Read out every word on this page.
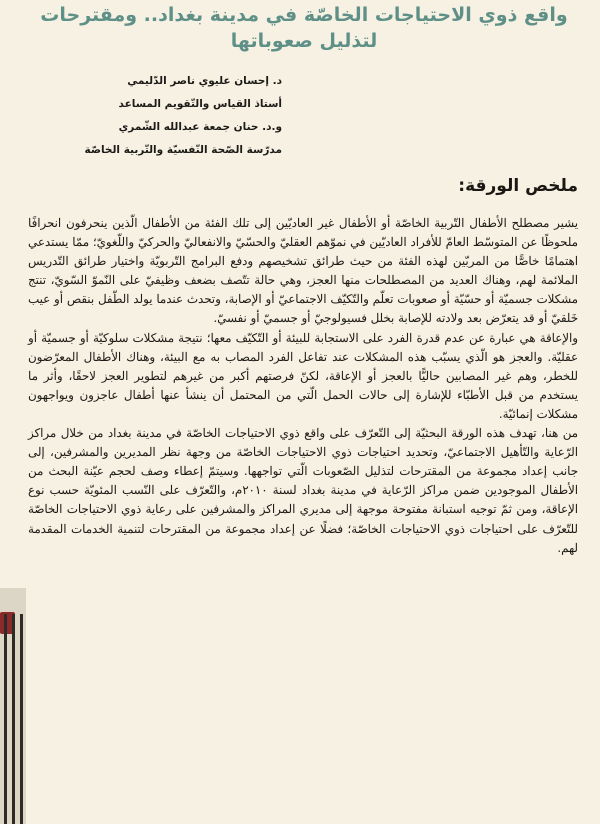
واقع ذوي الاحتياجات الخاصّة في مدينة بغداد.. ومقترحات لتذليل صعوباتها
د. إحسان عليوي ناصر الدّليمي
أستاذ القياس والتّقويم المساعد
و.د. حنان جمعة عبدالله الشّمري
مدرّسة الصّحة النّفسيّة والتّربية الخاصّة
ملخص الورقة:

يشير مصطلح الأطفال التّربية الخاصّة أو الأطفال غير العاديّين إلى تلك الفئة من الأطفال الّذين ينحرفون انحرافًا ملحوظًا عن المتوسّط العامّ للأفراد العاديّين في نموّهم العقليّ والحسّيّ والانفعاليّ والحركيّ واللّغويّ؛ ممّا يستدعي اهتمامًا خاصًّا من المربّين لهذه الفئة من حيث طرائق تشخيصهم ودفع البرامج التّربويّة واختيار طرائق التّدريس الملائمة لهم، وهناك العديد من المصطلحات منها العجز، وهي حالة تتّصف بضعف وظيفيّ على النّموّ السّويّ، تنتج مشكلات جسميّة أو حسّيّة أو صعوبات تعلّم والتّكيّف الاجتماعيّ أو الإصابة، وتحدث عندما يولد الطّفل بنقص أو عيب خَلقيّ أو قد يتعرّض بعد ولادته للإصابة بخلل فسيولوجيّ أو جسميّ أو نفسيّ.

والإعاقة هي عبارة عن عدم قدرة الفرد على الاستجابة للبيئة أو التّكيّف معها؛ نتيجة مشكلات سلوكيّة أو جسميّة أو عقليّة. والعجز هو الّذي يسبّب هذه المشكلات عند تفاعل الفرد المصاب به مع البيئة، وهناك الأطفال المعرّضون للخطر، وهم غير المصابين حاليًّا بالعجز أو الإعاقة، لكنّ فرصتهم أكبر من غيرهم لتطوير العجز لاحقًا، وأثر ما يستخدم من قبل الأطبّاء للإشارة إلى حالات الحمل الّتي من المحتمل أن ينشأ عنها أطفال عاجزون ويواجهون مشكلات إنمائيّة.

من هنا، تهدف هذه الورقة البحثيّة إلى التّعرّف على واقع ذوي الاحتياجات الخاصّة في مدينة بغداد من خلال مراكز الرّعاية والتّأهيل الاجتماعيّ، وتحديد احتياجات ذوي الاحتياجات الخاصّة من وجهة نظر المديرين والمشرفين، إلى جانب إعداد مجموعة من المقترحات لتذليل الصّعوبات الّتي تواجهها. وسيتمّ إعطاء وصف لحجم عيّنة البحث من الأطفال الموجودين ضمن مراكز الرّعاية في مدينة بغداد لسنة ٢٠١٠م، والتّعرّف على النّسب المئويّة حسب نوع الإعاقة، ومن ثمّ توجيه استبانة مفتوحة موجهة إلى مديري المراكز والمشرفين على رعاية ذوي الاحتياجات الخاصّة للتّعرّف على احتياجات ذوي الاحتياجات الخاصّة؛ فضلًا عن إعداد مجموعة من المقترحات لتنمية الخدمات المقدمة لهم.
